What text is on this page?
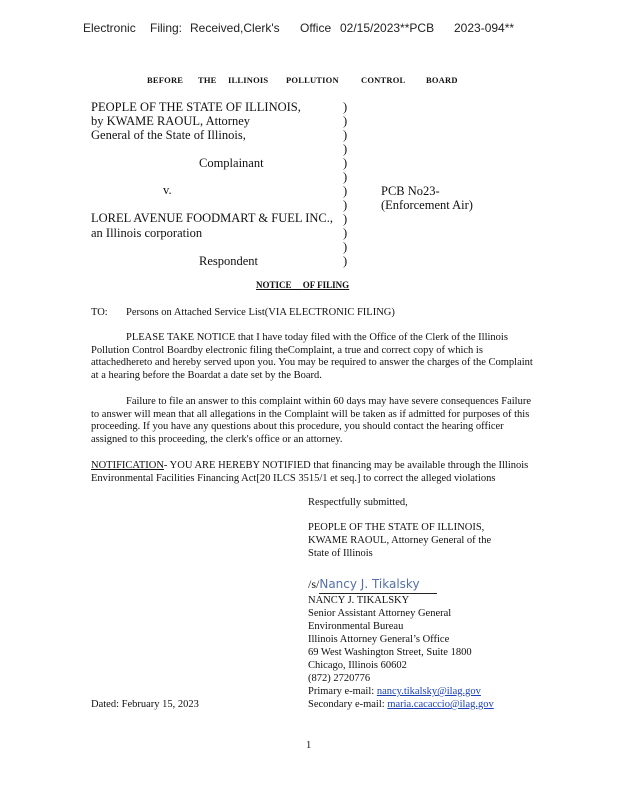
Electronic Filing: Received,Clerk's Office 02/15/2023**PCB 2023-094**
BEFORE THE ILLINOIS POLLUTION	CONTROL BOARD
PEOPLE OF THE STATE OF ILLINOIS,
by KWAME RAOUL, Attorney
General of the State of Illinois,
Complainant
v.
LOREL AVENUE FOODMART & FUEL INC.,
an Illinois corporation
Respondent
)
)
)
)
)
)
)
)
)
)
)
)
PCB No23-
(Enforcement Air)
NOTICE OF FILING
TO: Persons on Attached Service List(VIA ELECTRONIC FILING)
PLEASE TAKE NOTICE that I have today filed with the Office of the Clerk of the Illinois Pollution Control Boardby electronic filing theComplaint, a true and correct copy of which is attachedhereto and hereby served upon you. You may be required to answer the charges of the Complaint at a hearing before the Boardat a date set by the Board.
Failure to file an answer to this complaint within 60 days may have severe consequences Failure to answer will mean that all allegations in the Complaint will be taken as if admitted for purposes of this proceeding. If you have any questions about this procedure, you should contact the hearing officer assigned to this proceeding, the clerk's office or an attorney.
NOTIFICATION- YOU ARE HEREBY NOTIFIED that financing may be available through the Illinois Environmental Facilities Financing Act[20 ILCS 3515/1 et seq.] to correct the alleged violations
Respectfully submitted,
PEOPLE OF THE STATE OF ILLINOIS,
KWAME RAOUL, Attorney General of the
State of Illinois
/s/Nancy J. Tikalsky
NANCY J. TIKALSKY
Senior Assistant Attorney General
Environmental Bureau
Illinois Attorney General’s Office
69 West Washington Street, Suite 1800
Chicago, Illinois 60602
(872) 2720776
Primary e-mail: nancy.tikalsky@ilag.gov
Secondary e-mail: maria.cacaccio@ilag.gov
Dated: February 15, 2023
1
